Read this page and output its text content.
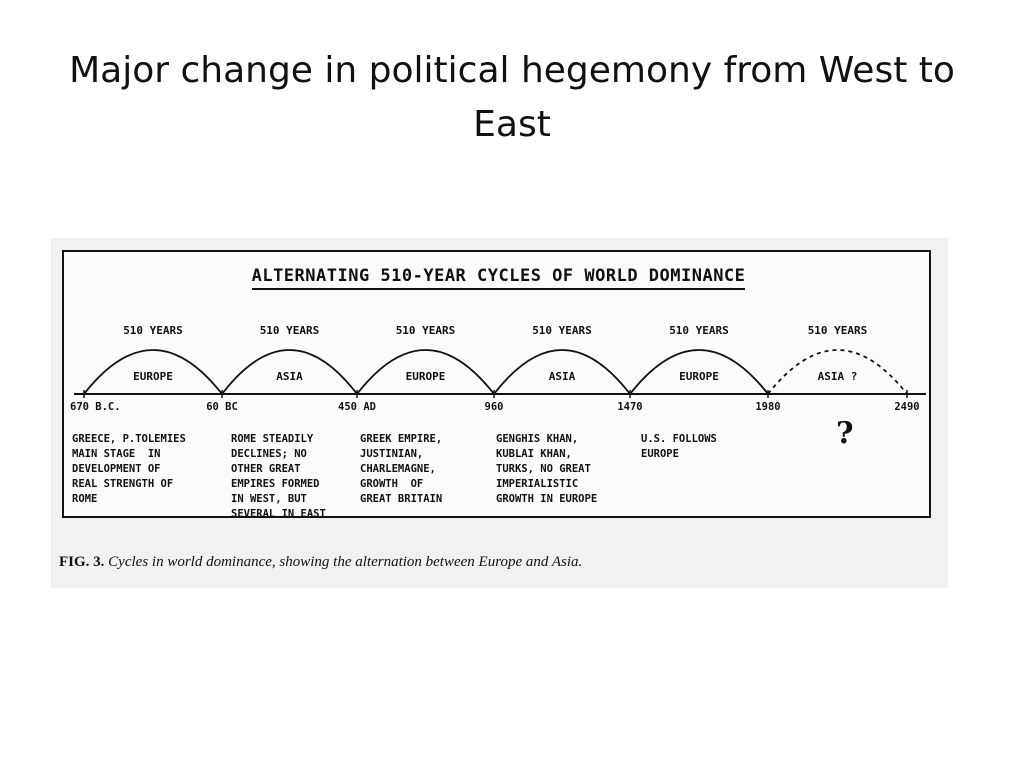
Major change in political hegemony from West to East
ALTERNATING 510-YEAR CYCLES OF WORLD DOMINANCE
510 YEARS
EUROPE
510 YEARS
ASIA
510 YEARS
EUROPE
510 YEARS
ASIA
510 YEARS
EUROPE
510 YEARS
ASIA ?
670 B.C.	60 BC	450 AD	960	1470	1980	2490
GREECE, P.TOLEMIES
MAIN STAGE  IN
DEVELOPMENT OF
REAL STRENGTH OF
ROME
ROME STEADILY
DECLINES; NO
OTHER GREAT
EMPIRES FORMED
IN WEST, BUT
SEVERAL IN EAST
GREEK EMPIRE,
JUSTINIAN,
CHARLEMAGNE,
GROWTH  OF
GREAT BRITAIN
GENGHIS KHAN,
KUBLAI KHAN,
TURKS, NO GREAT
IMPERIALISTIC
GROWTH IN EUROPE
U.S. FOLLOWS
EUROPE
?
FIG. 3. Cycles in world dominance, showing the alternation between Europe and Asia.
